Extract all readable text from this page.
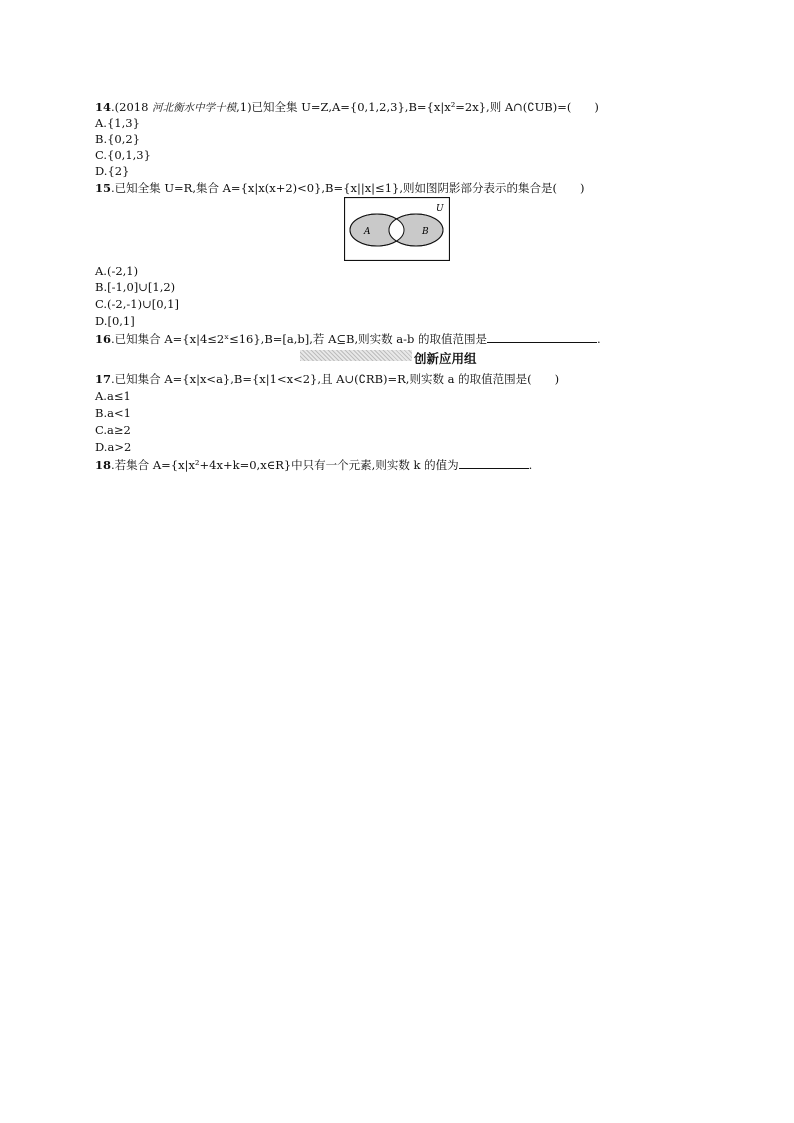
14.(2018 河北衡水中学十模,1)已知全集 U=Z,A={0,1,2,3},B={x|x²=2x},则 A∩(∁UB)=(　　)
A.{1,3}
B.{0,2}
C.{0,1,3}
D.{2}
15.已知全集 U=R,集合 A={x|x(x+2)<0},B={x||x|≤1},则如图阴影部分表示的集合是(　　)
U
A	B
A.(-2,1)
B.[-1,0]∪[1,2)
C.(-2,-1)∪[0,1]
D.[0,1]
16.已知集合 A={x|4≤2ˣ≤16},B=[a,b],若 A⊆B,则实数 a-b 的取值范围是	.
创新应用组
17.已知集合 A={x|x<a},B={x|1<x<2},且 A∪(∁RB)=R,则实数 a 的取值范围是(　　)
A.a≤1
B.a<1
C.a≥2
D.a>2
18.若集合 A={x|x²+4x+k=0,x∈R}中只有一个元素,则实数 k 的值为	.
